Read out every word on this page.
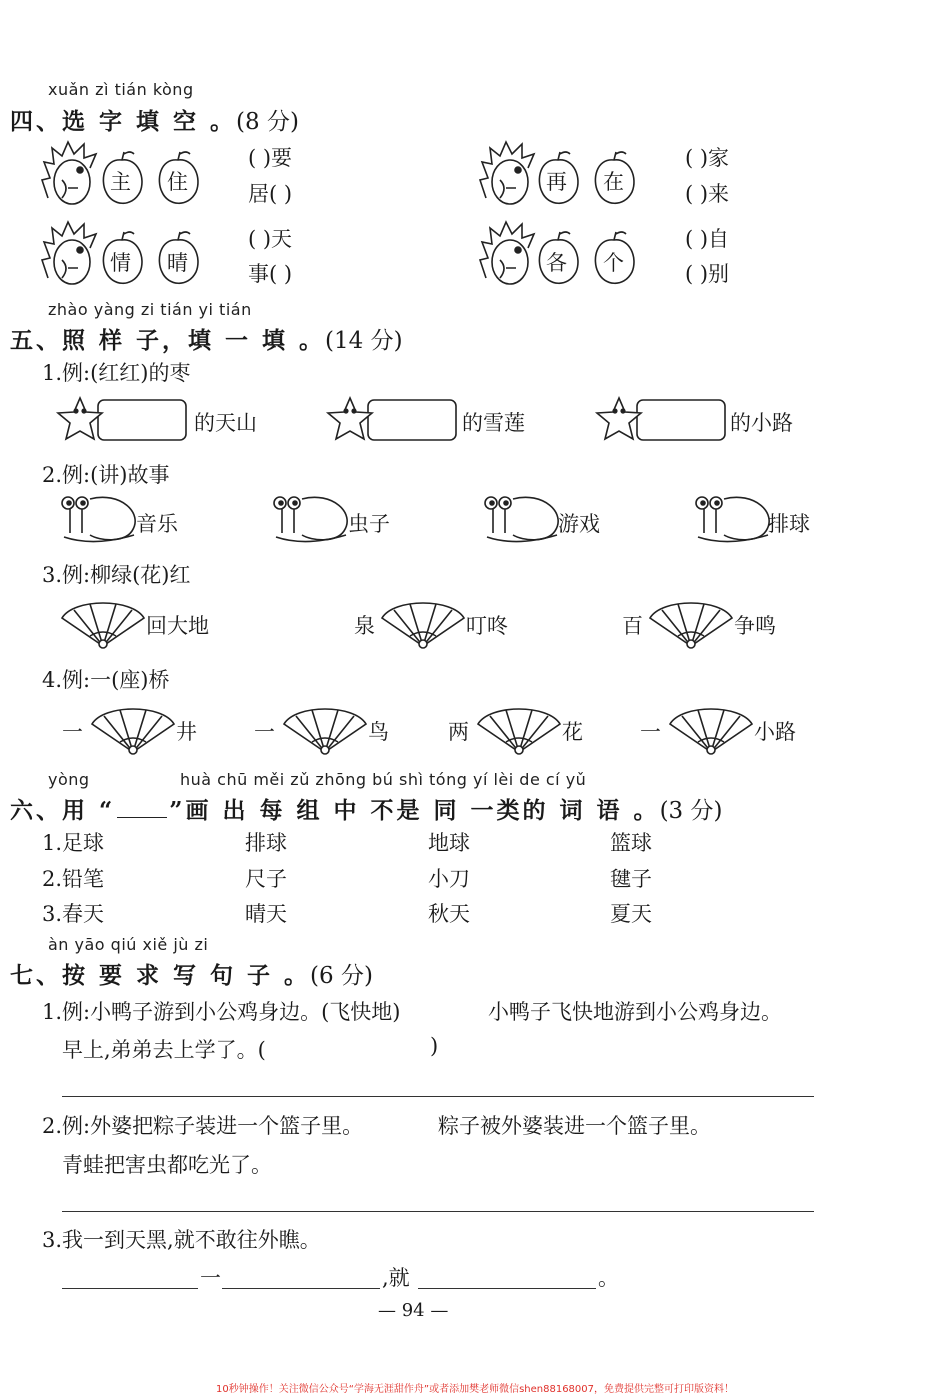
xuǎn zì tián kòng
四、选 字 填 空 。(8 分)
主 住
( )要
居( )	再 在
( )家
( )来
情 晴
( )天
事( )	各 个
( )自
( )别
zhào yàng zi tián yi tián
五、照 样 子，填 一 填 。(14 分)
1.例:(红红)的枣
的天山	的雪莲	的小路
2.例:(讲)故事
音乐	虫子	游戏	排球
3.例:柳绿(花)红
回大地	泉	叮咚	百	争鸣
4.例:一(座)桥
一	井	一	鸟	两	花	一	小路
yòng	huà chū měi zǔ zhōng bú shì tóng yí lèi de cí yǔ
六、用 “ ”画 出 每 组 中 不是 同 一类的 词 语 。(3 分)
1.足球	排球	地球	篮球
2.铅笔	尺子	小刀	毽子
3.春天	晴天	秋天	夏天
àn yāo qiú xiě jù zi
七、按 要 求 写 句 子 。(6 分)
1.例:小鸭子游到小公鸡身边。(飞快地)	小鸭子飞快地游到小公鸡身边。
早上,弟弟去上学了。(	)
2.例:外婆把粽子装进一个篮子里。	粽子被外婆装进一个篮子里。
青蛙把害虫都吃光了。
3.我一到天黑,就不敢往外瞧。
一	,就	。
— 94 —
10秒钟操作！关注微信公众号“学海无涯甜作舟”或者添加樊老师微信shen88168007，免费提供完整可打印版资料！
